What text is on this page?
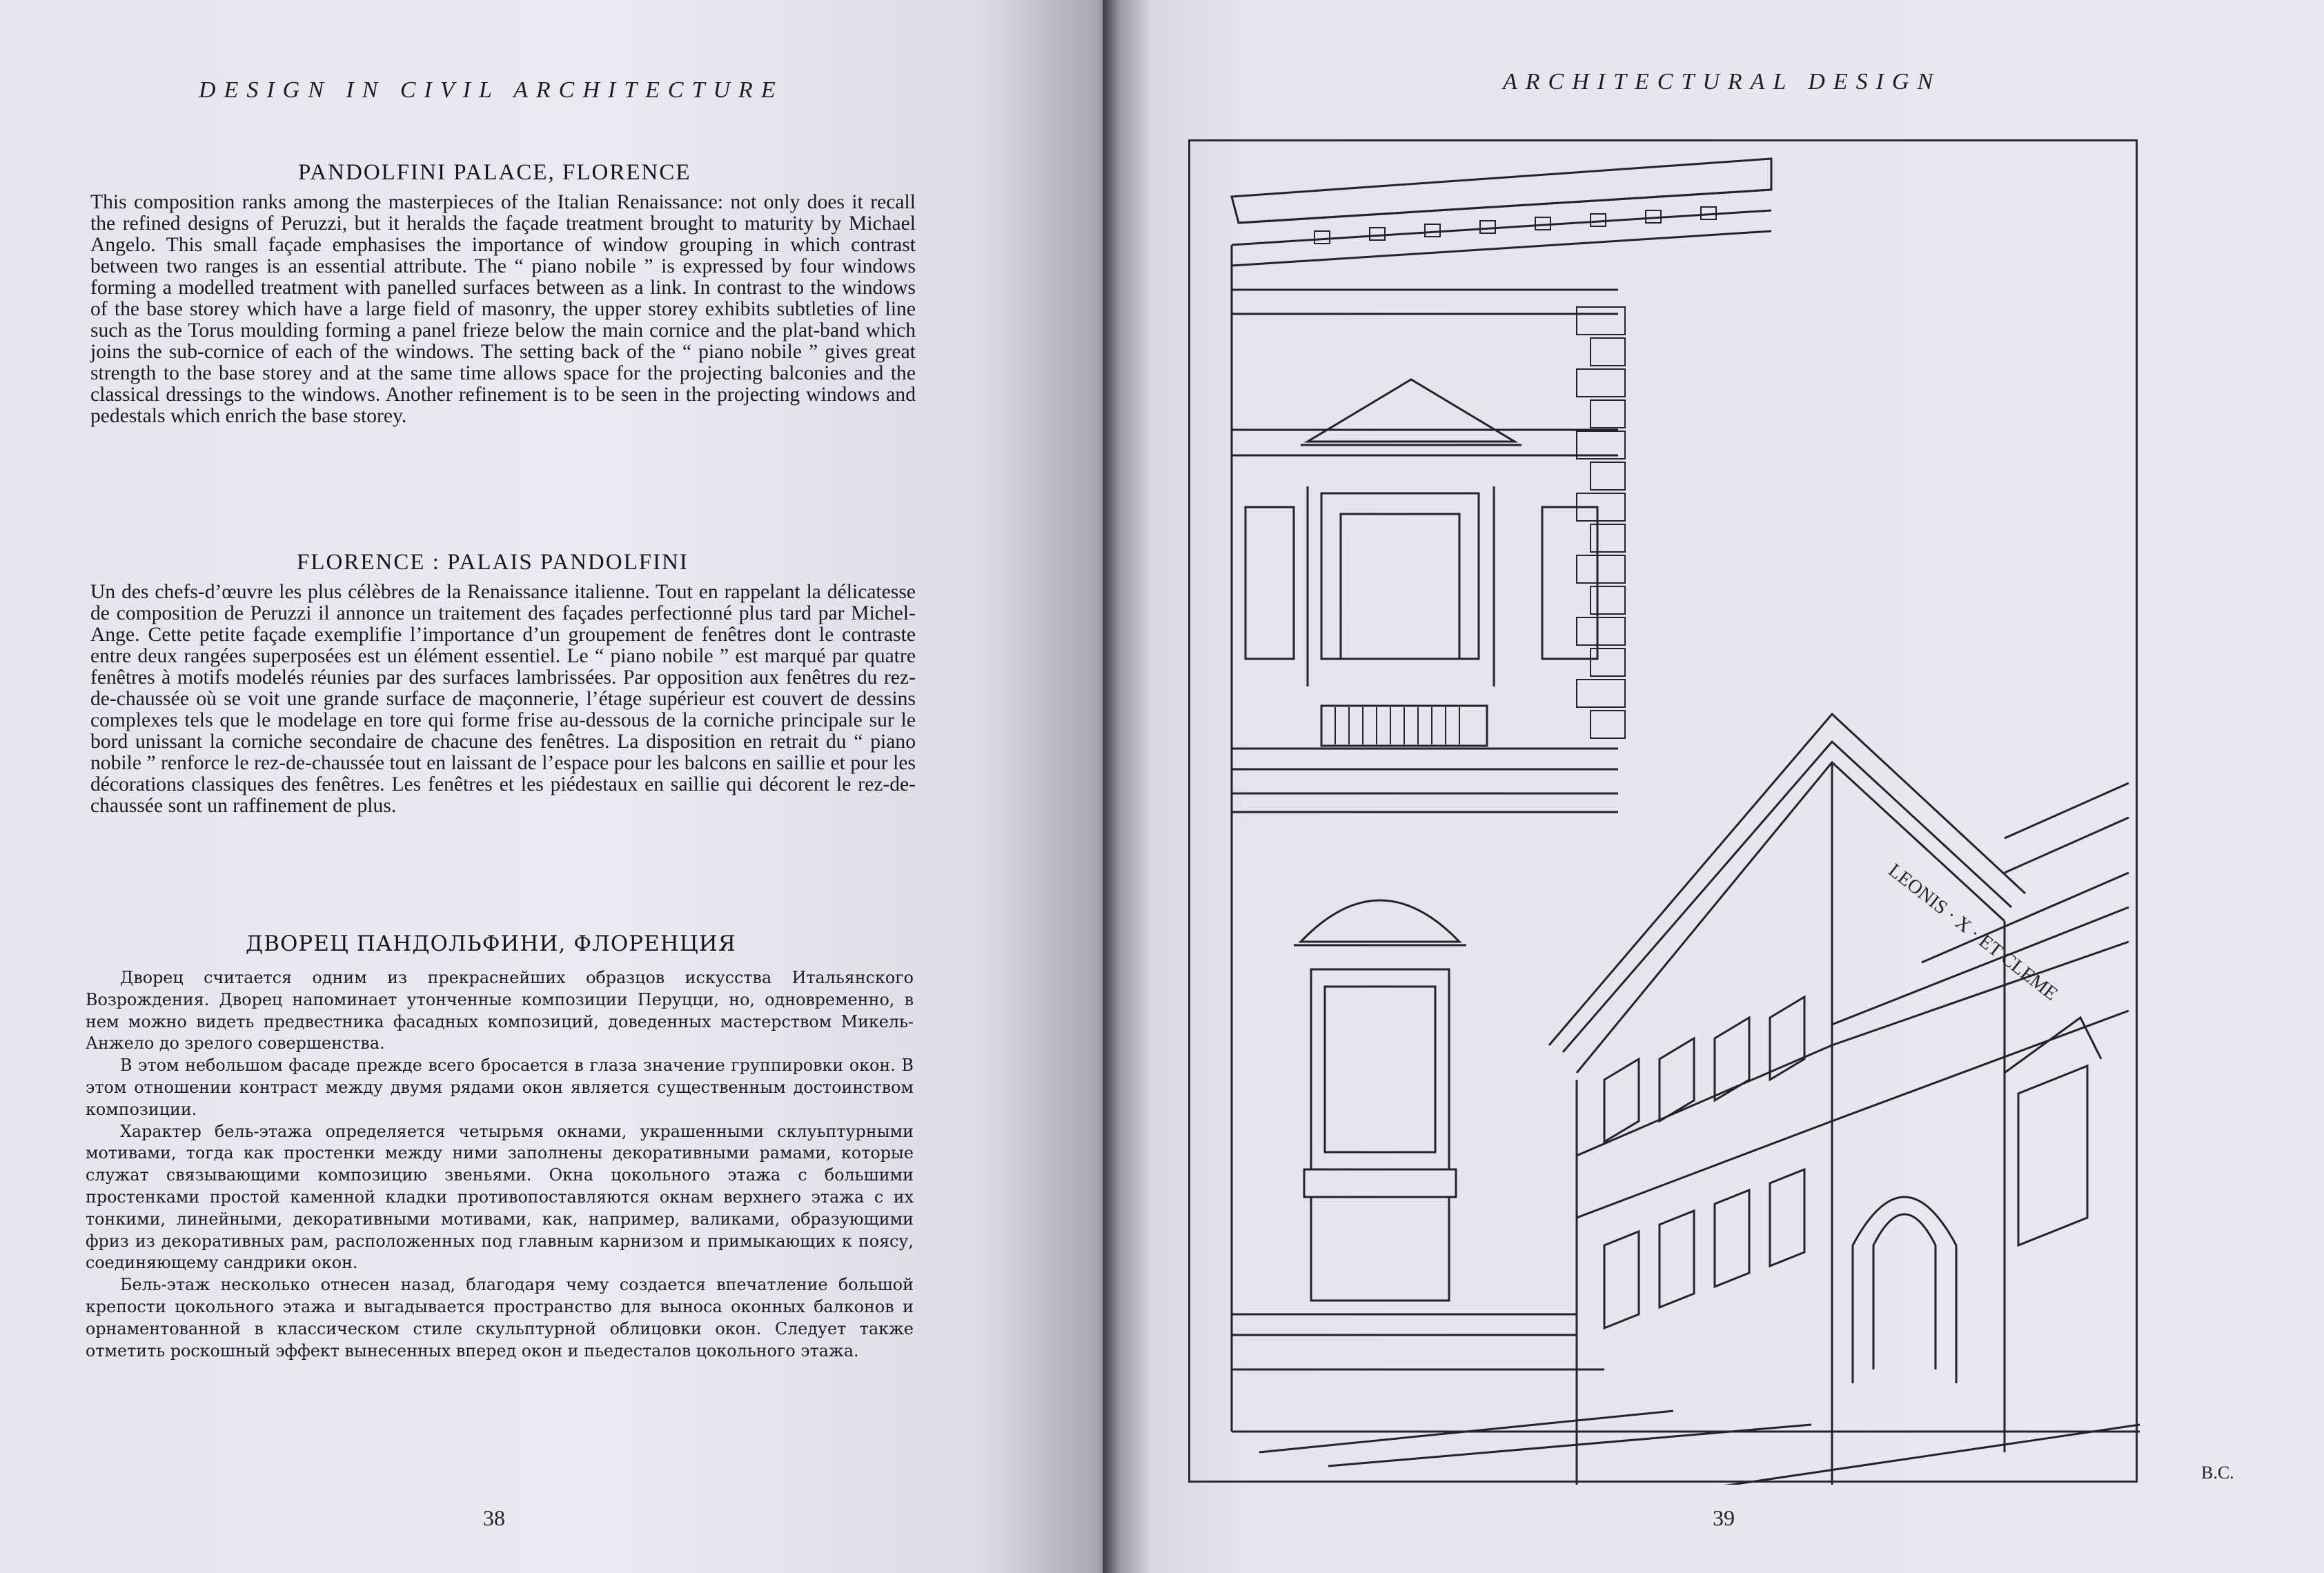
DESIGN IN CIVIL ARCHITECTURE
PANDOLFINI PALACE, FLORENCE
This composition ranks among the masterpieces of the Italian Renaissance: not only does it recall the refined designs of Peruzzi, but it heralds the façade treatment brought to maturity by Michael Angelo. This small façade emphasises the importance of window grouping in which contrast between two ranges is an essential attribute. The “ piano nobile ” is expressed by four windows forming a modelled treatment with panelled surfaces between as a link. In contrast to the windows of the base storey which have a large field of masonry, the upper storey exhibits subtleties of line such as the Torus moulding forming a panel frieze below the main cornice and the plat-band which joins the sub-cornice of each of the windows. The setting back of the “ piano nobile ” gives great strength to the base storey and at the same time allows space for the projecting balconies and the classical dressings to the windows. Another refinement is to be seen in the projecting windows and pedestals which enrich the base storey.
FLORENCE : PALAIS PANDOLFINI
Un des chefs-d’œuvre les plus célèbres de la Renaissance italienne. Tout en rappelant la délicatesse de composition de Peruzzi il annonce un traitement des façades perfectionné plus tard par Michel-Ange. Cette petite façade exemplifie l’importance d’un groupement de fenêtres dont le contraste entre deux rangées superposées est un élément essentiel. Le “ piano nobile ” est marqué par quatre fenêtres à motifs modelés réunies par des surfaces lambrissées. Par opposition aux fenêtres du rez-de-chaussée où se voit une grande surface de maçonnerie, l’étage supérieur est couvert de dessins complexes tels que le modelage en tore qui forme frise au-dessous de la corniche principale sur le bord unissant la corniche secondaire de chacune des fenêtres. La disposition en retrait du “ piano nobile ” renforce le rez-de-chaussée tout en laissant de l’espace pour les balcons en saillie et pour les décorations classiques des fenêtres. Les fenêtres et les piédestaux en saillie qui décorent le rez-de-chaussée sont un raffinement de plus.
ДВОРЕЦ ПАНДОЛЬФИНИ, ФЛОРЕНЦИЯ

Дворец считается одним из прекраснейших образцов искусства Итальянского Возрождения. Дворец напоминает утонченные композиции Перуцци, но, одновременно, в нем можно видеть предвестника фасадных композиций, доведенных мастерством Микель-Анжело до зрелого совершенства.

В этом небольшом фасаде прежде всего бросается в глаза значение группировки окон. В этом отношении контраст между двумя рядами окон является существенным достоинством композиции.

Характер бель-этажа определяется четырьмя окнами, украшенными склуьптурными мотивами, тогда как простенки между ними заполнены декоративными рамами, которые служат связывающими композицию звеньями. Окна цокольного этажа с большими простенками простой каменной кладки противопоставляются окнам верхнего этажа с их тонкими, линейными, декоративными мотивами, как, например, валиками, образующими фриз из декоративных рам, расположенных под главным карнизом и примыкающих к поясу, соединяющему сандрики окон.

Бель-этаж несколько отнесен назад, благодаря чему создается впечатление большой крепости цокольного этажа и выгадывается пространство для выноса оконных балконов и орнаментованной в классическом стиле скульптурной облицовки окон. Следует также отметить роскошный эффект вынесенных вперед окон и пьедесталов цокольного этажа.

38
ARCHITECTURAL DESIGN
39
LEONIS · X · ET CLEME
B.C.
